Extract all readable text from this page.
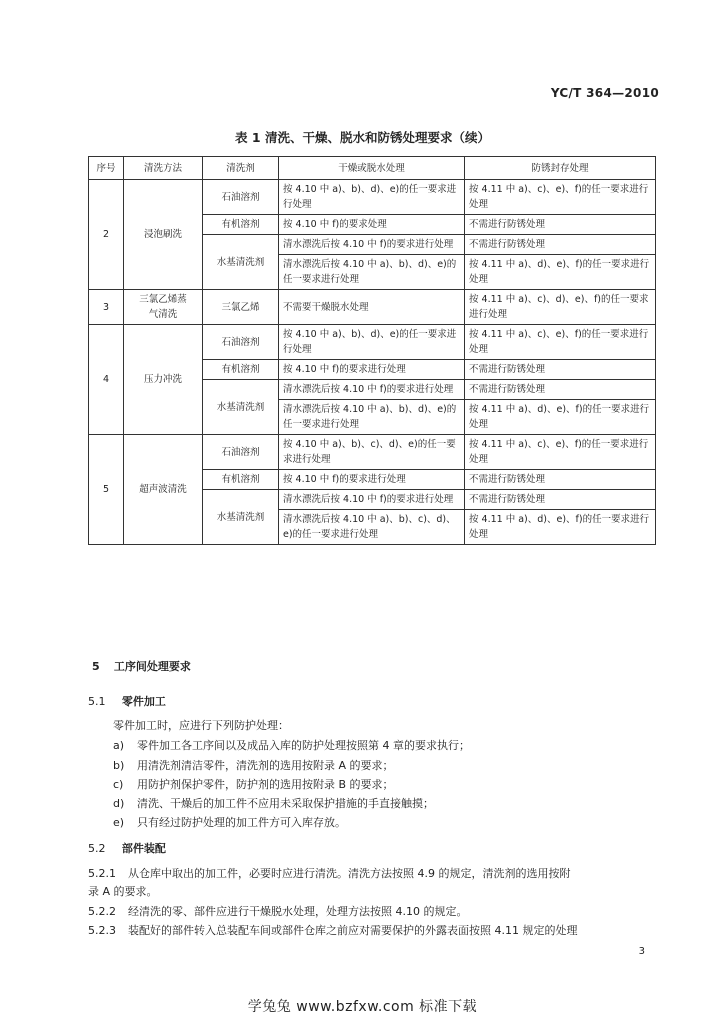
YC/T 364—2010
表 1 清洗、干燥、脱水和防锈处理要求（续）
序号	清洗方法	清洗剂	干燥或脱水处理	防锈封存处理
2	浸泡刷洗	石油溶剂	按 4.10 中 a)、b)、d)、e)的任一要求进行处理	按 4.11 中 a)、c)、e)、f)的任一要求进行处理
		有机溶剂	按 4.10 中 f)的要求处理	不需进行防锈处理
		水基清洗剂	清水漂洗后按 4.10 中 f)的要求进行处理	不需进行防锈处理
			清水漂洗后按 4.10 中 a)、b)、d)、e)的任一要求进行处理	按 4.11 中 a)、d)、e)、f)的任一要求进行处理
3	三氯乙烯蒸气清洗	三氯乙烯	不需要干燥脱水处理	按 4.11 中 a)、c)、d)、e)、f)的任一要求进行处理
4	压力冲洗	石油溶剂	按 4.10 中 a)、b)、d)、e)的任一要求进行处理	按 4.11 中 a)、c)、e)、f)的任一要求进行处理
		有机溶剂	按 4.10 中 f)的要求进行处理	不需进行防锈处理
		水基清洗剂	清水漂洗后按 4.10 中 f)的要求进行处理	不需进行防锈处理
			清水漂洗后按 4.10 中 a)、b)、d)、e)的任一要求进行处理	按 4.11 中 a)、d)、e)、f)的任一要求进行处理
5	超声波清洗	石油溶剂	按 4.10 中 a)、b)、c)、d)、e)的任一要求进行处理	按 4.11 中 a)、c)、e)、f)的任一要求进行处理
		有机溶剂	按 4.10 中 f)的要求进行处理	不需进行防锈处理
		水基清洗剂	清水漂洗后按 4.10 中 f)的要求进行处理	不需进行防锈处理
			清水漂洗后按 4.10 中 a)、b)、c)、d)、e)的任一要求进行处理	按 4.11 中 a)、d)、e)、f)的任一要求进行处理
5 工序间处理要求
5.1 零件加工
零件加工时，应进行下列防护处理：
a) 零件加工各工序间以及成品入库的防护处理按照第 4 章的要求执行；
b) 用清洗剂清洁零件，清洗剂的选用按附录 A 的要求；
c) 用防护剂保护零件，防护剂的选用按附录 B 的要求；
d) 清洗、干燥后的加工件不应用未采取保护措施的手直接触摸；
e) 只有经过防护处理的加工件方可入库存放。
5.2 部件装配
5.2.1 从仓库中取出的加工件，必要时应进行清洗。清洗方法按照 4.9 的规定，清洗剂的选用按附
录 A 的要求。
5.2.2 经清洗的零、部件应进行干燥脱水处理，处理方法按照 4.10 的规定。
5.2.3 装配好的部件转入总装配车间或部件仓库之前应对需要保护的外露表面按照 4.11 规定的处理
3
学兔兔 www.bzfxw.com 标准下载
